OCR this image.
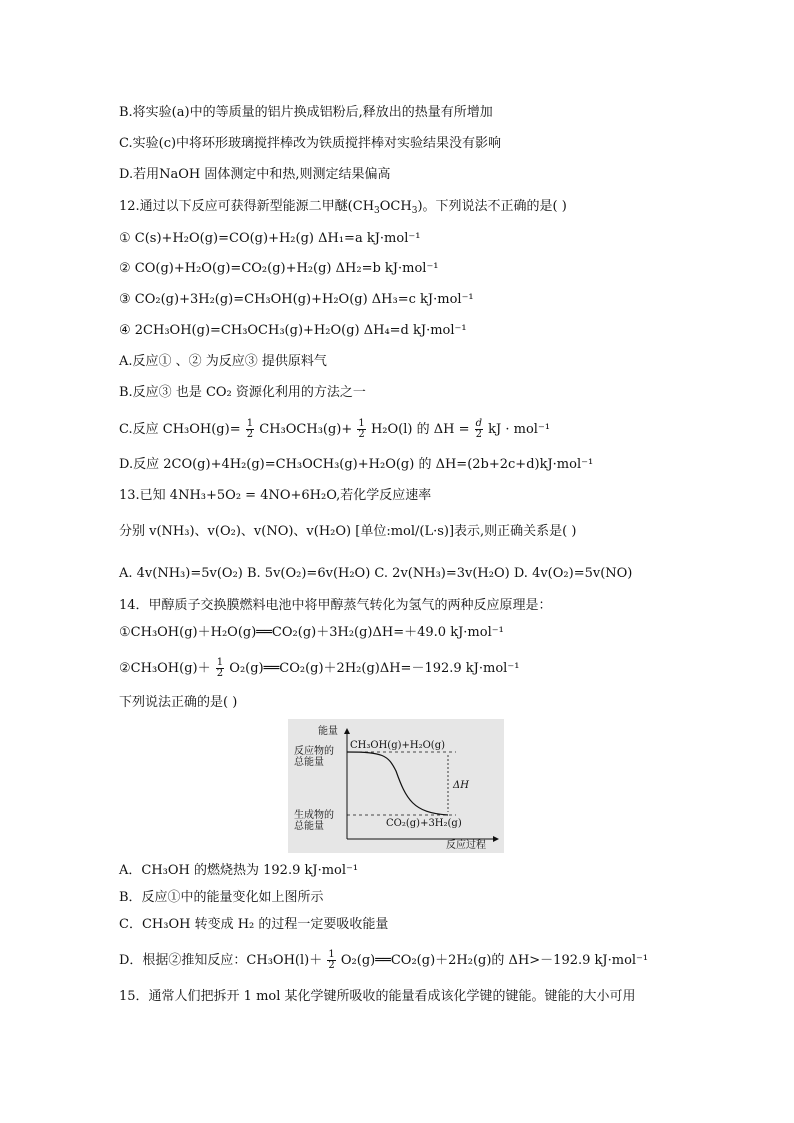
B.将实验(a)中的等质量的铝片换成铝粉后,释放出的热量有所增加
C.实验(c)中将环形玻璃搅拌棒改为铁质搅拌棒对实验结果没有影响
D.若用NaOH 固体测定中和热,则测定结果偏高
12.通过以下反应可获得新型能源二甲醚$(CH_3OCH_3)$。下列说法不正确的是( )
① C(s)+H₂O(g)=CO(g)+H₂(g) ΔH₁=a kJ·mol⁻¹
② CO(g)+H₂O(g)=CO₂(g)+H₂(g) ΔH₂=b kJ·mol⁻¹
③ CO₂(g)+3H₂(g)=CH₃OH(g)+H₂O(g) ΔH₃=c kJ·mol⁻¹
④ 2CH₃OH(g)=CH₃OCH₃(g)+H₂O(g) ΔH₄=d kJ·mol⁻¹
A.反应① 、② 为反应③ 提供原料气
B.反应③ 也是 CO₂ 资源化利用的方法之一
C.反应 $CH_3OH(g)= \frac{1}{2} CH_3OCH_3(g)+ \frac{1}{2} H_2O(l)$ 的 $\Delta H = \frac{d}{2}$ kJ · mol⁻¹
D.反应 2CO(g)+4H₂(g)=CH₃OCH₃(g)+H₂O(g) 的 ΔH=(2b+2c+d)kJ·mol⁻¹
13.已知 4NH₃+5O₂ = 4NO+6H₂O,若化学反应速率
分别 v(NH₃)、v(O₂)、v(NO)、v(H₂O) [单位:mol/(L·s)]表示,则正确关系是( )
A. 4v(NH₃)=5v(O₂) B. 5v(O₂)=6v(H₂O) C. 2v(NH₃)=3v(H₂O) D. 4v(O₂)=5v(NO)
14．甲醇质子交换膜燃料电池中将甲醇蒸气转化为氢气的两种反应原理是：
①CH₃OH(g)＋H₂O(g)══CO₂(g)＋3H₂(g)ΔH=＋49.0 kJ·mol⁻¹
②CH₃OH(g)＋ $\frac{1}{2}$ O₂(g)══CO₂(g)＋2H₂(g)ΔH=－192.9 kJ·mol⁻¹
下列说法正确的是( )
能量
反应物的
总能量
CH₃OH(g)+H₂O(g)
ΔH
生成物的
总能量	CO₂(g)+3H₂(g)
反应过程
A．CH₃OH 的燃烧热为 192.9 kJ·mol⁻¹
B．反应①中的能量变化如上图所示
C．CH₃OH 转变成 H₂ 的过程一定要吸收能量
D．根据②推知反应：$CH_3OH(l)+ \frac{1}{2}$ O₂(g)══CO₂(g)＋2H₂(g)的 ΔH>－192.9 kJ·mol⁻¹
15．通常人们把拆开 1 mol 某化学键所吸收的能量看成该化学键的键能。键能的大小可用
